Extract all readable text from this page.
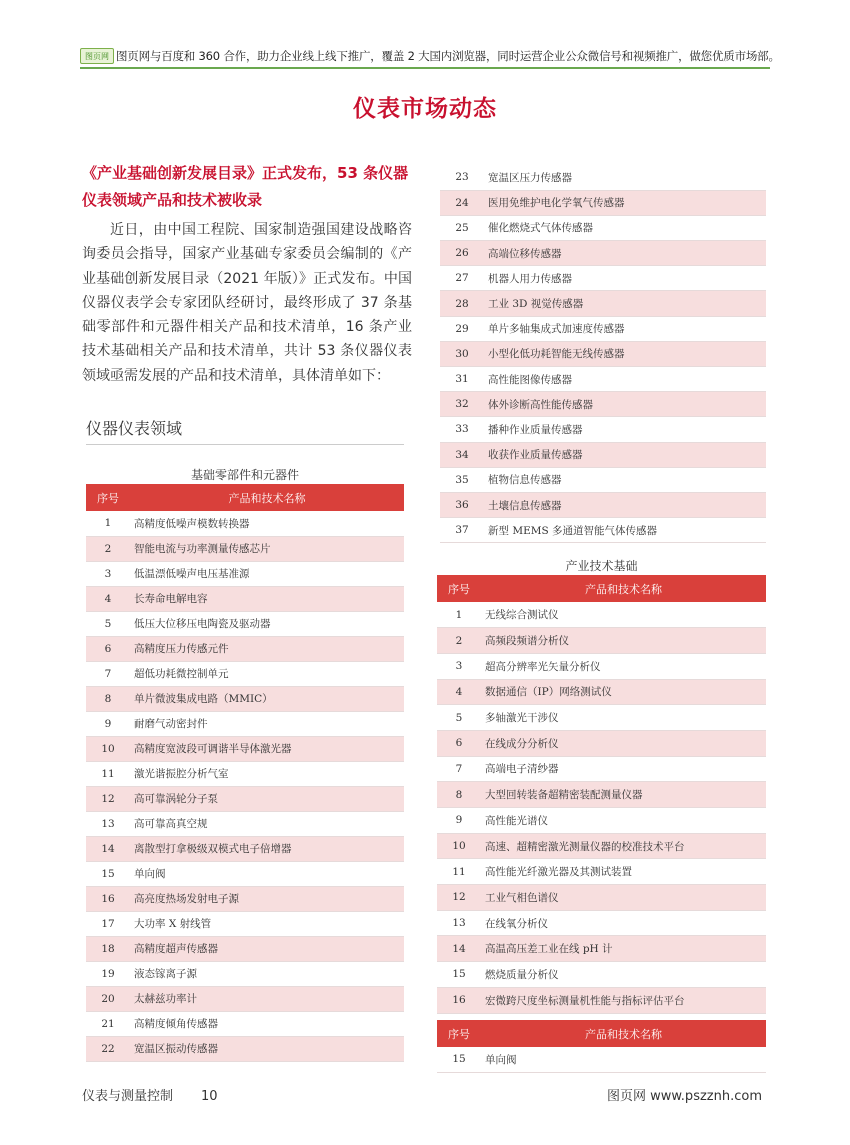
图页网 图页网与百度和 360 合作，助力企业线上线下推广，覆盖 2 大国内浏览器，同时运营企业公众微信号和视频推广，做您优质市场部。
仪表市场动态

《产业基础创新发展目录》正式发布，53 条仪器仪表领域产品和技术被收录

近日，由中国工程院、国家制造强国建设战略咨询委员会指导，国家产业基础专家委员会编制的《产业基础创新发展目录（2021 年版）》正式发布。中国仪器仪表学会专家团队经研讨，最终形成了 37 条基础零部件和元器件相关产品和技术清单，16 条产业技术基础相关产品和技术清单，共计 53 条仪器仪表领域亟需发展的产品和技术清单，具体清单如下：

仪器仪表领域
基础零部件和元器件
序号	产品和技术名称
1	高精度低噪声模数转换器
2	智能电流与功率测量传感芯片
3	低温漂低噪声电压基准源
4	长寿命电解电容
5	低压大位移压电陶瓷及驱动器
6	高精度压力传感元件
7	超低功耗微控制单元
8	单片微波集成电路（MMIC）
9	耐磨气动密封件
10	高精度宽波段可调谐半导体激光器
11	激光谐振腔分析气室
12	高可靠涡轮分子泵
13	高可靠高真空规
14	离散型打拿极级双模式电子倍增器
15	单向阀
16	高亮度热场发射电子源
17	大功率 X 射线管
18	高精度超声传感器
19	液态镓离子源
20	太赫兹功率计
21	高精度倾角传感器
22	宽温区振动传感器
23	宽温区压力传感器
24	医用免维护电化学氧气传感器
25	催化燃烧式气体传感器
26	高端位移传感器
27	机器人用力传感器
28	工业 3D 视觉传感器
29	单片多轴集成式加速度传感器
30	小型化低功耗智能无线传感器
31	高性能图像传感器
32	体外诊断高性能传感器
33	播种作业质量传感器
34	收获作业质量传感器
35	植物信息传感器
36	土壤信息传感器
37	新型 MEMS 多通道智能气体传感器
产业技术基础
序号	产品和技术名称
1	无线综合测试仪
2	高频段频谱分析仪
3	超高分辨率光矢量分析仪
4	数据通信（IP）网络测试仪
5	多轴激光干涉仪
6	在线成分分析仪
7	高端电子清纱器
8	大型回转装备超精密装配测量仪器
9	高性能光谱仪
10	高速、超精密激光测量仪器的校准技术平台
11	高性能光纤激光器及其测试装置
12	工业气相色谱仪
13	在线氧分析仪
14	高温高压差工业在线 pH 计
15	燃烧质量分析仪
16	宏微跨尺度坐标测量机性能与指标评估平台
序号	产品和技术名称
15	单向阀
仪表与测量控制 10	图页网 www.pszznh.com
